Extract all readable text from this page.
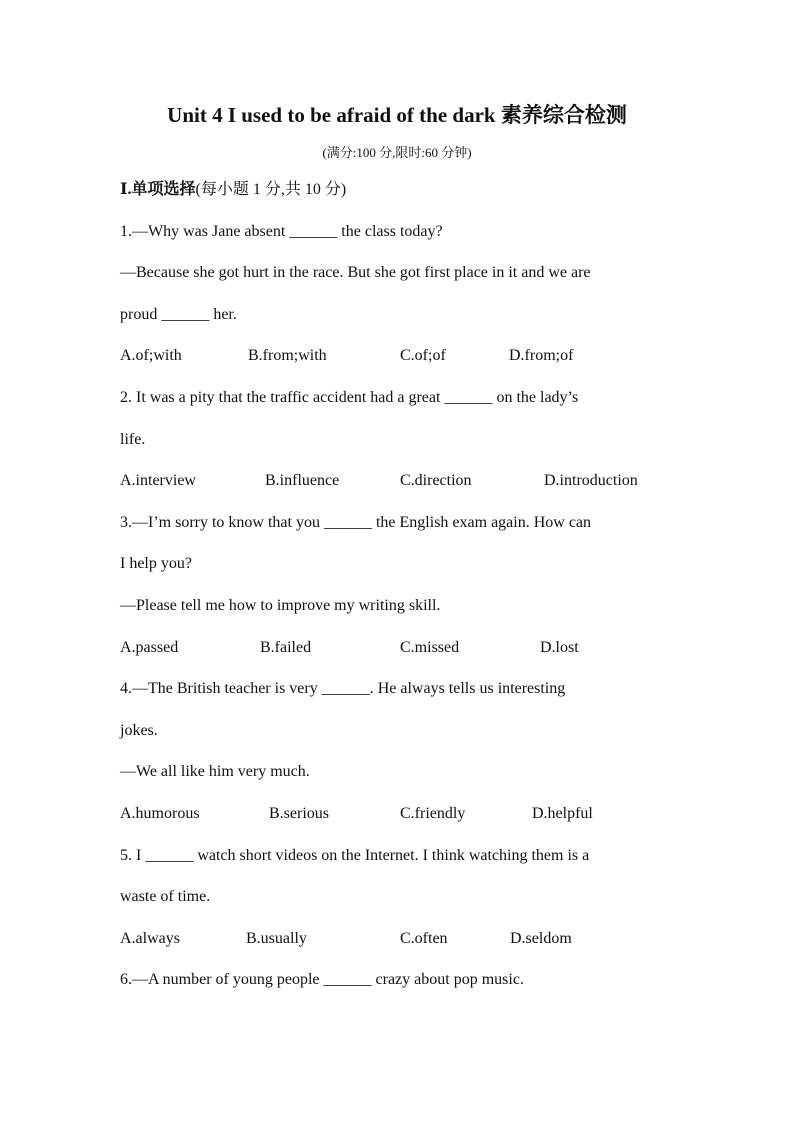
Unit 4 I used to be afraid of the dark 素养综合检测
(满分:100 分,限时:60 分钟)
Ⅰ.单项选择(每小题 1 分,共 10 分)
1.—Why was Jane absent ______ the class today?
—Because she got hurt in the race. But she got first place in it and we are
proud ______ her.
A.of;with	B.from;with	C.of;of	D.from;of
2. It was a pity that the traffic accident had a great ______ on the lady’s
life.
A.interview	B.influence	C.direction	D.introduction
3.—I’m sorry to know that you ______ the English exam again. How can
I help you?
—Please tell me how to improve my writing skill.
A.passed	B.failed	C.missed	D.lost
4.—The British teacher is very ______. He always tells us interesting
jokes.
—We all like him very much.
A.humorous	B.serious	C.friendly	D.helpful
5. I ______ watch short videos on the Internet. I think watching them is a
waste of time.
A.always	B.usually	C.often	D.seldom
6.—A number of young people ______ crazy about pop music.
